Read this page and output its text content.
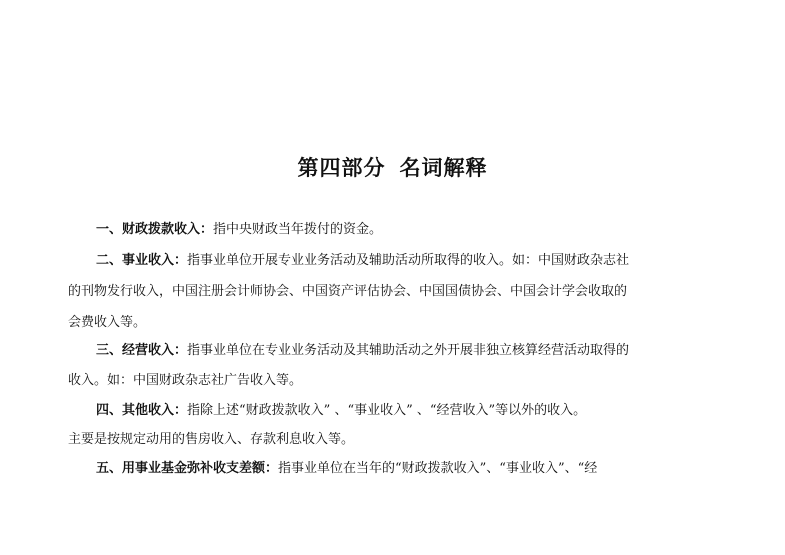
第四部分 名词解释
一、财政拨款收入：指中央财政当年拨付的资金。
二、事业收入：指事业单位开展专业业务活动及辅助活动所取得的收入。如：中国财政杂志社
的刊物发行收入，中国注册会计师协会、中国资产评估协会、中国国债协会、中国会计学会收取的
会费收入等。
三、经营收入：指事业单位在专业业务活动及其辅助活动之外开展非独立核算经营活动取得的
收入。如：中国财政杂志社广告收入等。
四、其他收入：指除上述“财政拨款收入” 、“事业收入” 、“经营收入”等以外的收入。
主要是按规定动用的售房收入、存款利息收入等。
五、用事业基金弥补收支差额：指事业单位在当年的“财政拨款收入”、“事业收入”、“经
